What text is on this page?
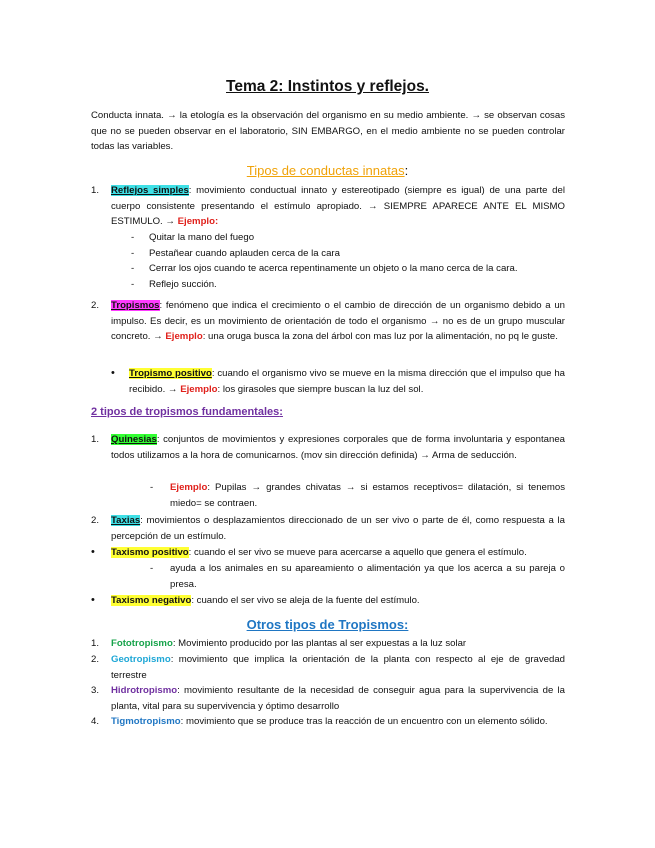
Tema 2: Instintos y reflejos.
Conducta innata. → la etología es la observación del organismo en su medio ambiente. → se observan cosas que no se pueden observar en el laboratorio, SIN EMBARGO, en el medio ambiente no se pueden controlar todas las variables.
Tipos de conductas innatas:
1.	Reflejos simples: movimiento conductual innato y estereotipado (siempre es igual) de una parte del cuerpo consistente presentando el estímulo apropiado. → SIEMPRE APARECE ANTE EL MISMO ESTIMULO. → Ejemplo:
- Quitar la mano del fuego
- Pestañear cuando aplauden cerca de la cara
- Cerrar los ojos cuando te acerca repentinamente un objeto o la mano cerca de la cara.
- Reflejo succión.
2.	Tropismos: fenómeno que indica el crecimiento o el cambio de dirección de un organismo debido a un impulso. Es decir, es un movimiento de orientación de todo el organismo → no es de un grupo muscular concreto. → Ejemplo: una oruga busca la zona del árbol con mas luz por la alimentación, no pq le guste.
•	Tropismo positivo: cuando el organismo vivo se mueve en la misma dirección que el impulso que ha recibido. → Ejemplo: los girasoles que siempre buscan la luz del sol.
2 tipos de tropismos fundamentales:
1.	Quinesias: conjuntos de movimientos y expresiones corporales que de forma involuntaria y espontanea todos utilizamos a la hora de comunicarnos. (mov sin dirección definida) → Arma de seducción.
-	Ejemplo: Pupilas → grandes chivatas → si estamos receptivos= dilatación, si tenemos miedo= se contraen.
2.	Taxias: movimientos o desplazamientos direccionado de un ser vivo o parte de él, como respuesta a la percepción de un estímulo.
•	Taxismo positivo: cuando el ser vivo se mueve para acercarse a aquello que genera el estímulo.
-	ayuda a los animales en su apareamiento o alimentación ya que los acerca a su pareja o presa.
•	Taxismo negativo: cuando el ser vivo se aleja de la fuente del estímulo.
Otros tipos de Tropismos:
1.	Fototropismo: Movimiento producido por las plantas al ser expuestas a la luz solar
2.	Geotropismo: movimiento que implica la orientación de la planta con respecto al eje de gravedad terrestre
3.	Hidrotropismo: movimiento resultante de la necesidad de conseguir agua para la supervivencia de la planta, vital para su supervivencia y óptimo desarrollo
4.	Tigmotropismo: movimiento que se produce tras la reacción de un encuentro con un elemento sólido.
